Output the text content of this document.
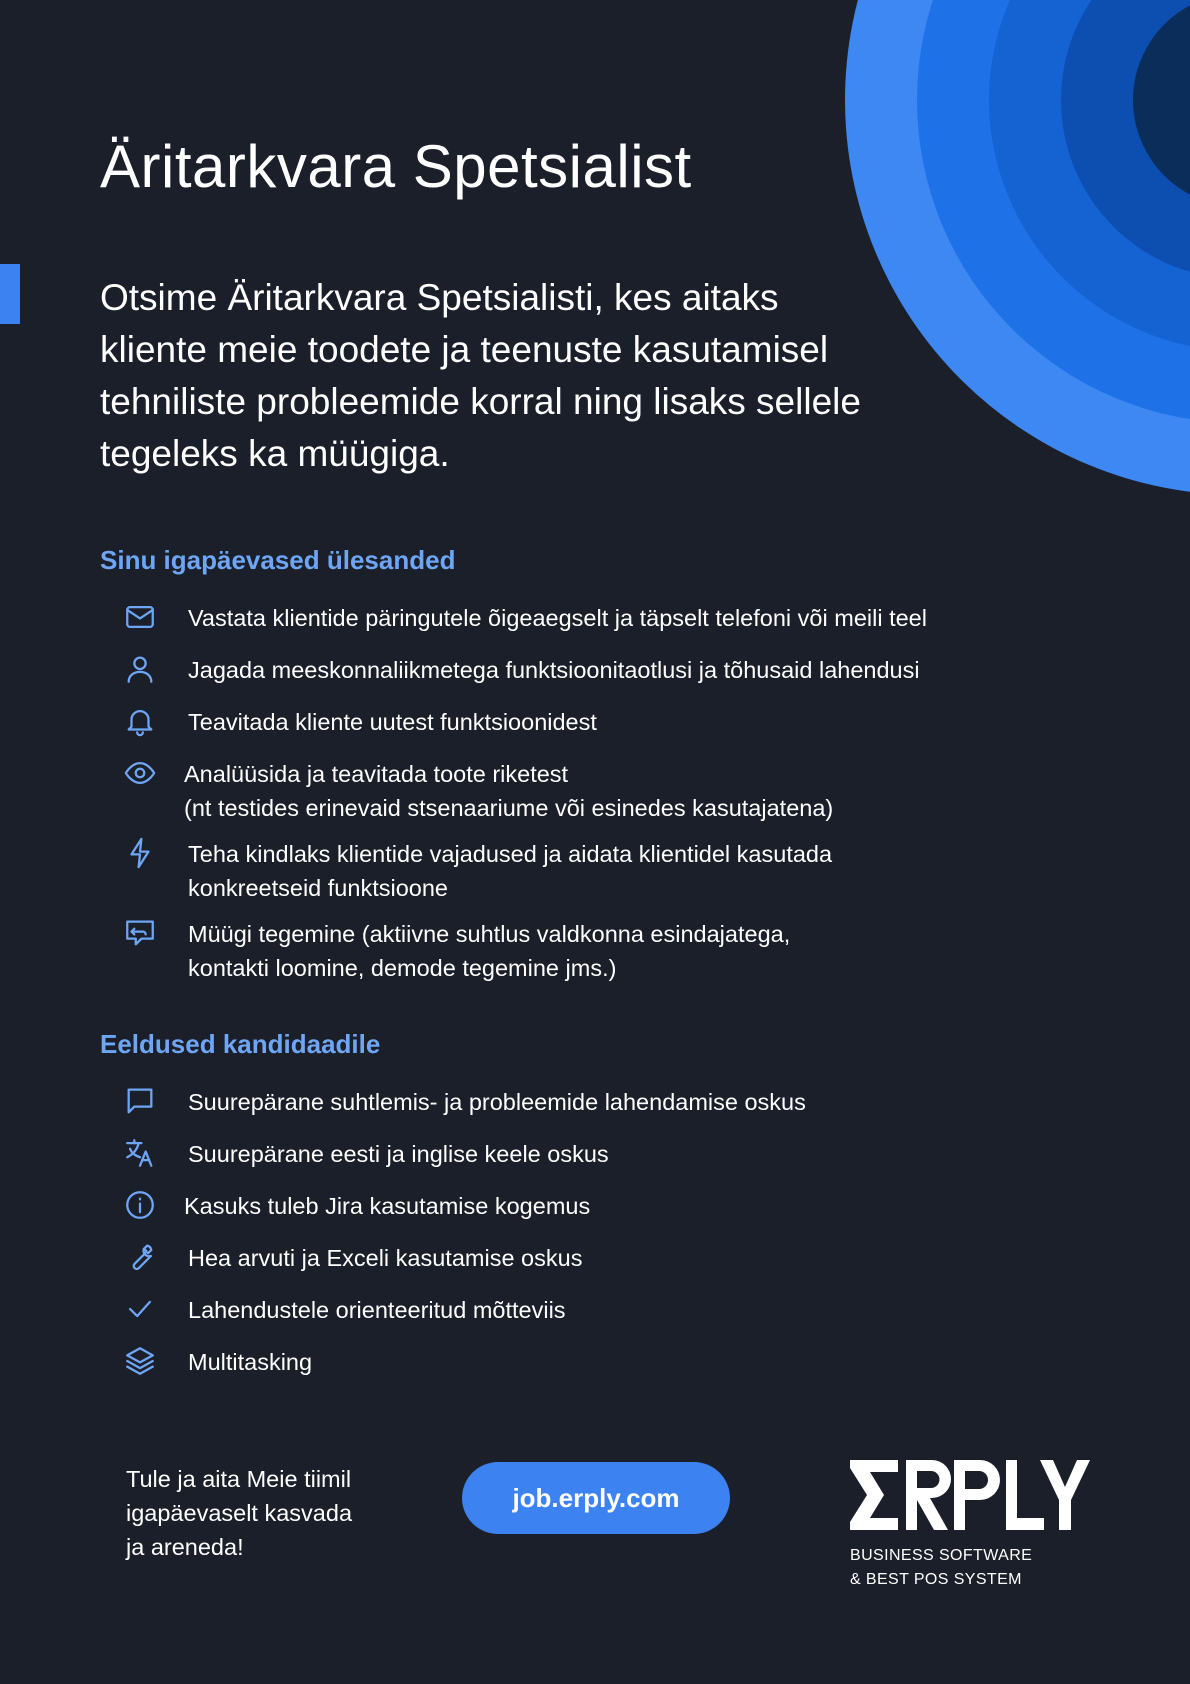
Äritarkvara Spetsialist

Otsime Äritarkvara Spetsialisti, kes aitaks kliente meie toodete ja teenuste kasutamisel tehniliste probleemide korral ning lisaks sellele tegeleks ka müügiga.

Sinu igapäevased ülesanded
Vastata klientide päringutele õigeaegselt ja täpselt telefoni või meili teel
Jagada meeskonnaliikmetega funktsioonitaotlusi ja tõhusaid lahendusi
Teavitada kliente uutest funktsioonidest
Analüüsida ja teavitada toote riketest
(nt testides erinevaid stsenaariume või esinedes kasutajatena)
Teha kindlaks klientide vajadused ja aidata klientidel kasutada
konkreetseid funktsioone
Müügi tegemine (aktiivne suhtlus valdkonna esindajatega,
kontakti loomine, demode tegemine jms.)
Eeldused kandidaadile
Suurepärane suhtlemis- ja probleemide lahendamise oskus
Suurepärane eesti ja inglise keele oskus
Kasuks tuleb Jira kasutamise kogemus
Hea arvuti ja Exceli kasutamise oskus
Lahendustele orienteeritud mõtteviis
Multitasking
Tule ja aita Meie tiimil
igapäevaselt kasvada
ja areneda!
job.erply.com
BUSINESS SOFTWARE
& BEST POS SYSTEM
